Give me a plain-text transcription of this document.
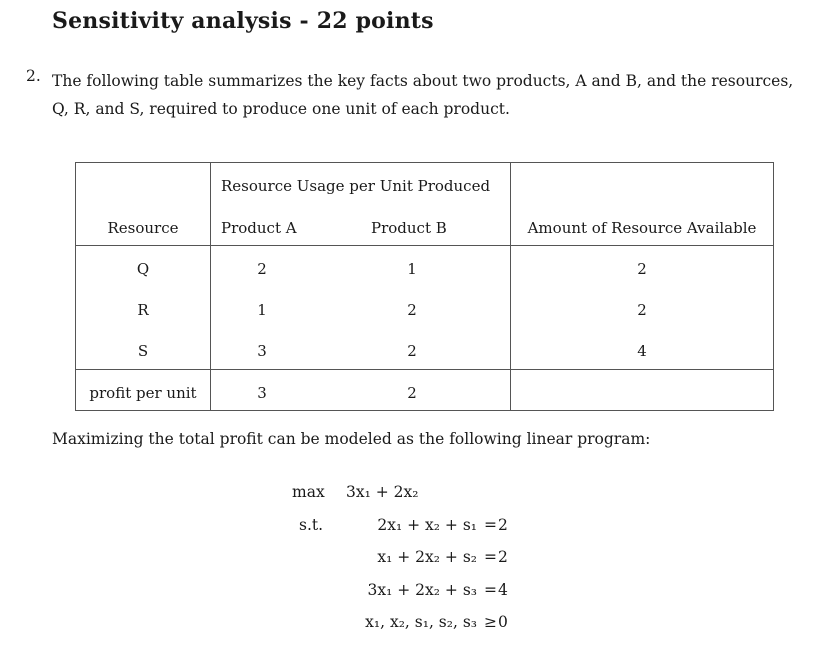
Sensitivity analysis - 22 points
2. The following table summarizes the key facts about two products, A and B, and the resources,
Q, R, and S, required to produce one unit of each product.
Resource Usage per Unit Produced
Resource	Product A	Product B	Amount of Resource Available
Q	2	1	2
R	1	2	2
S	3	2	4
profit per unit	3	2
Maximizing the total profit can be modeled as the following linear program:
max 3x₁ + 2x₂
s.t.	2x₁ + x₂ + s₁ = 2
x₁ + 2x₂ + s₂ = 2
3x₁ + 2x₂ + s₃ = 4
x₁, x₂, s₁, s₂, s₃ ≥ 0
